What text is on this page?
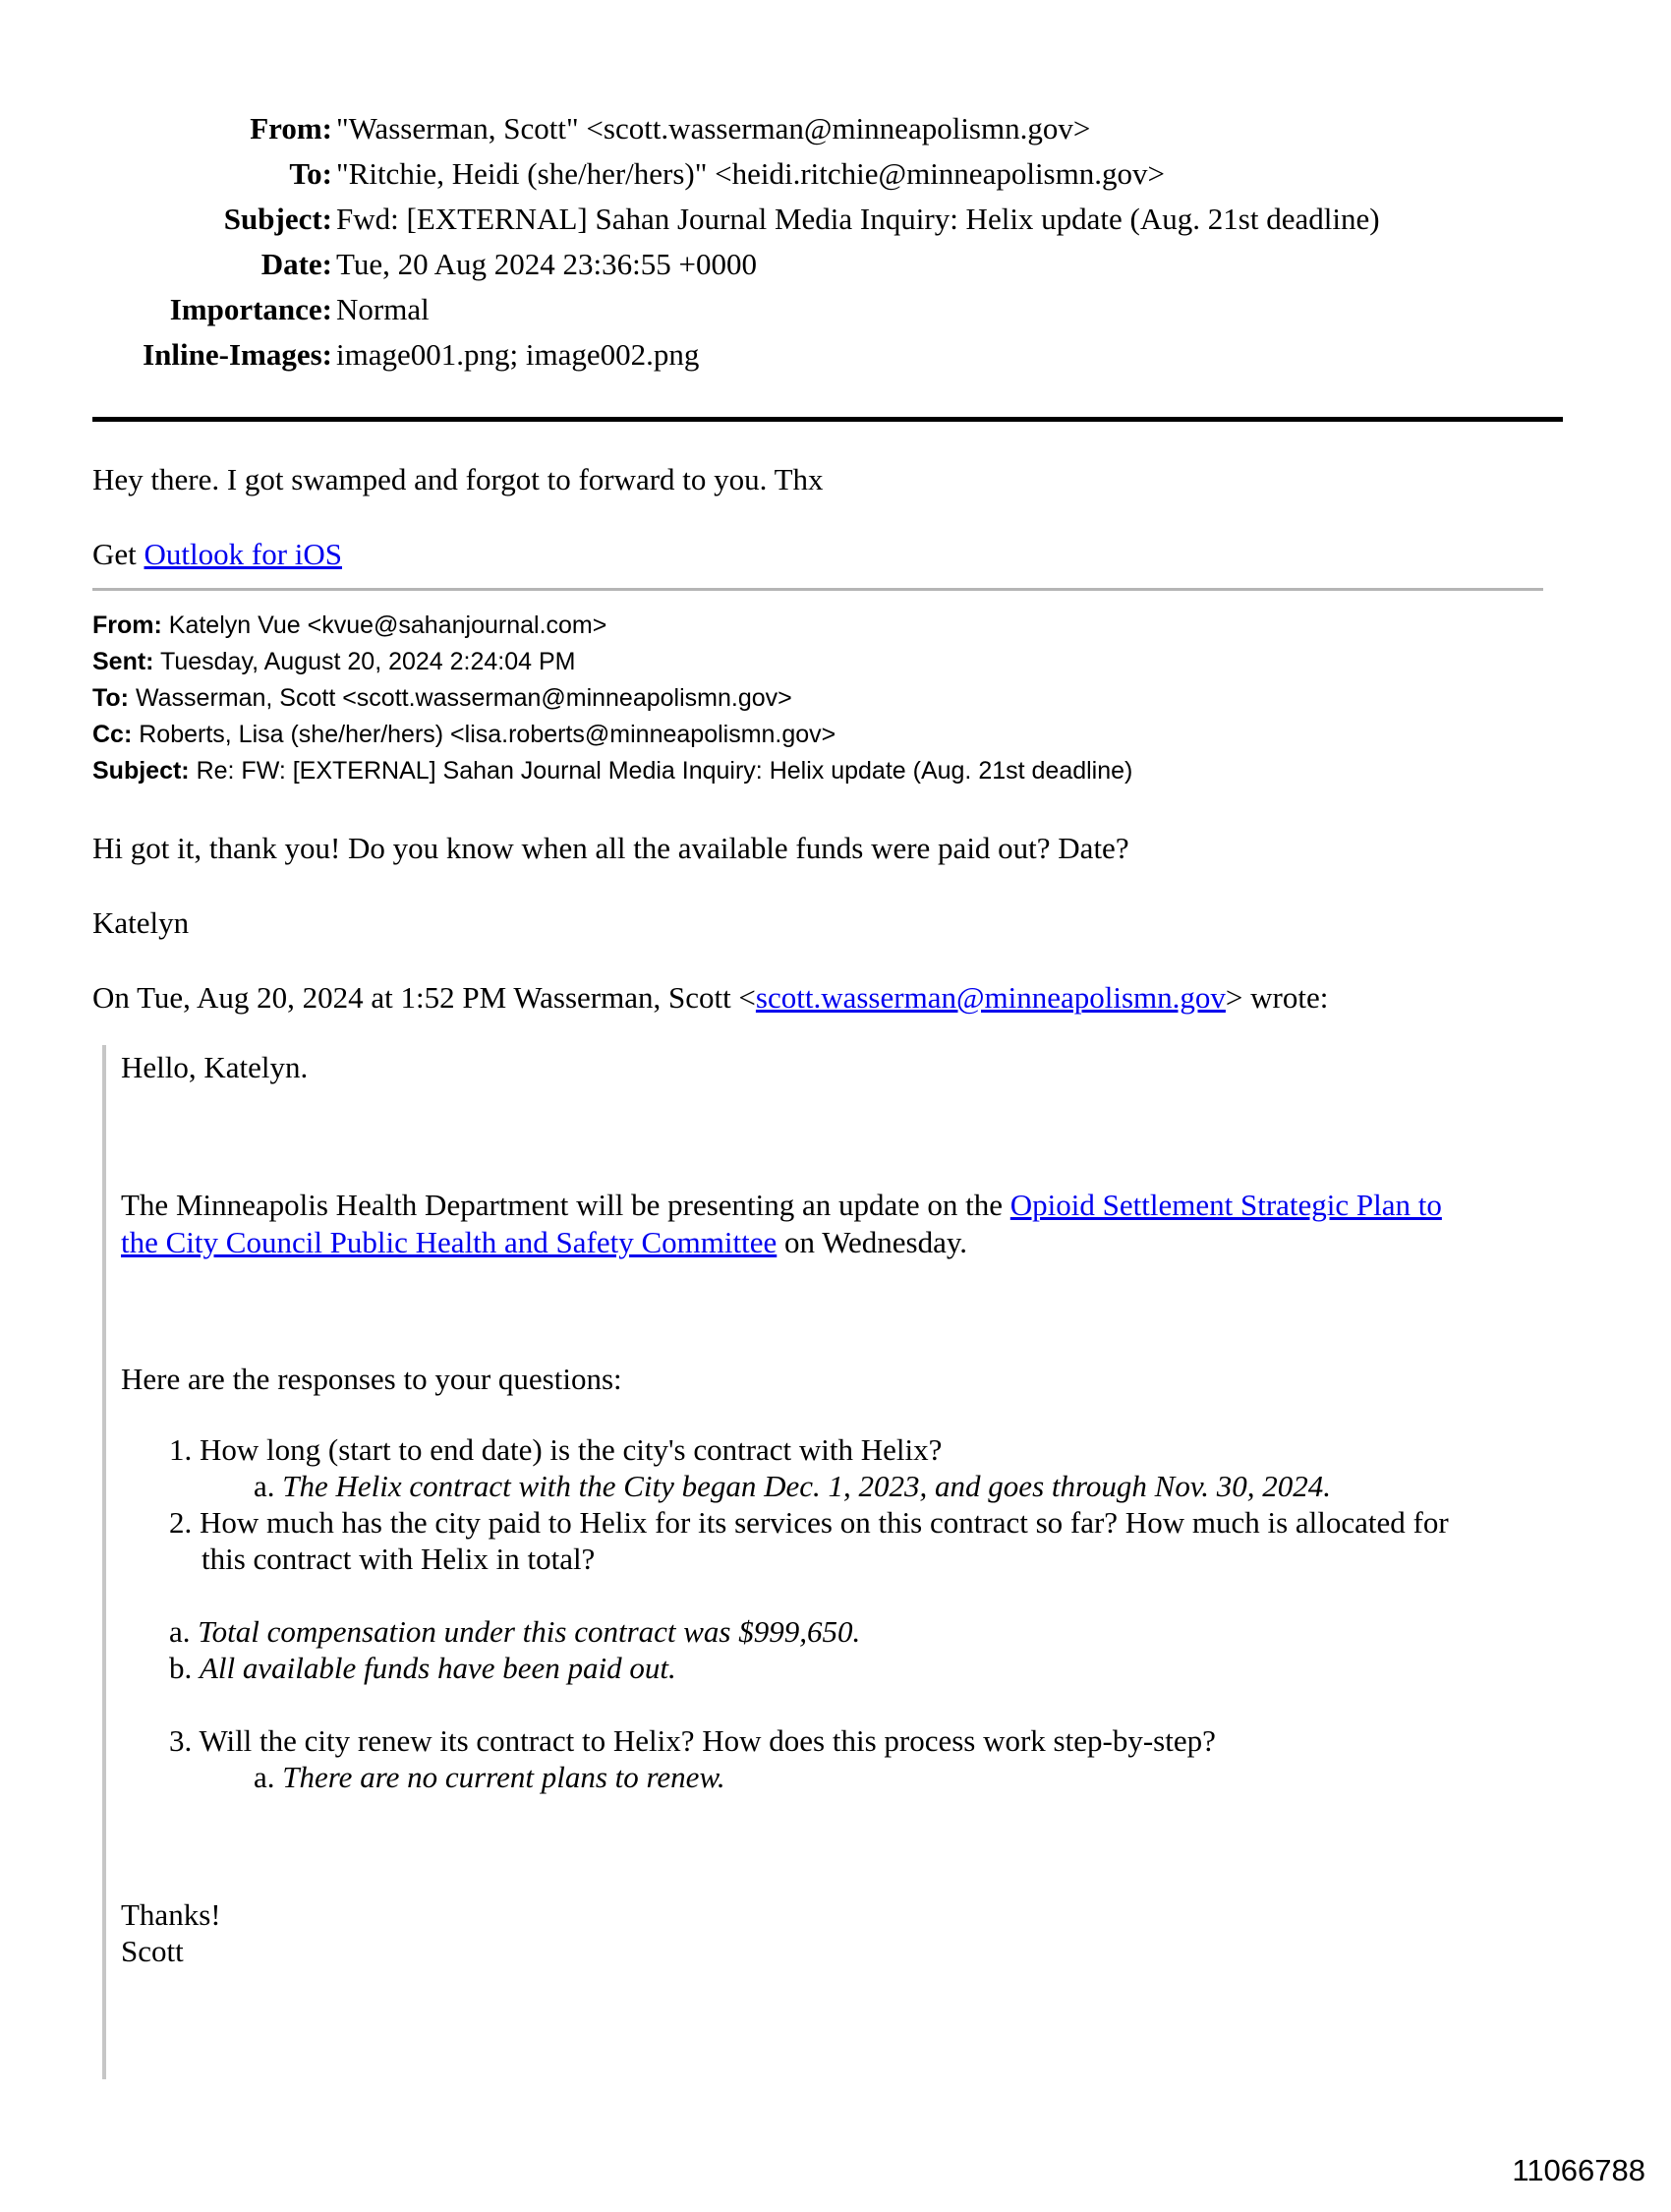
From: "Wasserman, Scott" <scott.wasserman@minneapolismn.gov>
To: "Ritchie, Heidi (she/her/hers)" <heidi.ritchie@minneapolismn.gov>
Subject: Fwd: [EXTERNAL] Sahan Journal Media Inquiry: Helix update (Aug. 21st deadline)
Date: Tue, 20 Aug 2024 23:36:55 +0000
Importance: Normal
Inline-Images: image001.png; image002.png
Hey there. I got swamped and forgot to forward to you. Thx
Get Outlook for iOS
From: Katelyn Vue <kvue@sahanjournal.com>
Sent: Tuesday, August 20, 2024 2:24:04 PM
To: Wasserman, Scott <scott.wasserman@minneapolismn.gov>
Cc: Roberts, Lisa (she/her/hers) <lisa.roberts@minneapolismn.gov>
Subject: Re: FW: [EXTERNAL] Sahan Journal Media Inquiry: Helix update (Aug. 21st deadline)
Hi got it, thank you! Do you know when all the available funds were paid out? Date?
Katelyn
On Tue, Aug 20, 2024 at 1:52 PM Wasserman, Scott <scott.wasserman@minneapolismn.gov> wrote:
Hello, Katelyn.
The Minneapolis Health Department will be presenting an update on the Opioid Settlement Strategic Plan to
the City Council Public Health and Safety Committee on Wednesday.
Here are the responses to your questions:
1. How long (start to end date) is the city's contract with Helix?
a. The Helix contract with the City began Dec. 1, 2023, and goes through Nov. 30, 2024.
2. How much has the city paid to Helix for its services on this contract so far? How much is allocated for
this contract with Helix in total?
a. Total compensation under this contract was $999,650.
b. All available funds have been paid out.
3. Will the city renew its contract to Helix? How does this process work step-by-step?
a. There are no current plans to renew.
Thanks!
Scott
11066788
